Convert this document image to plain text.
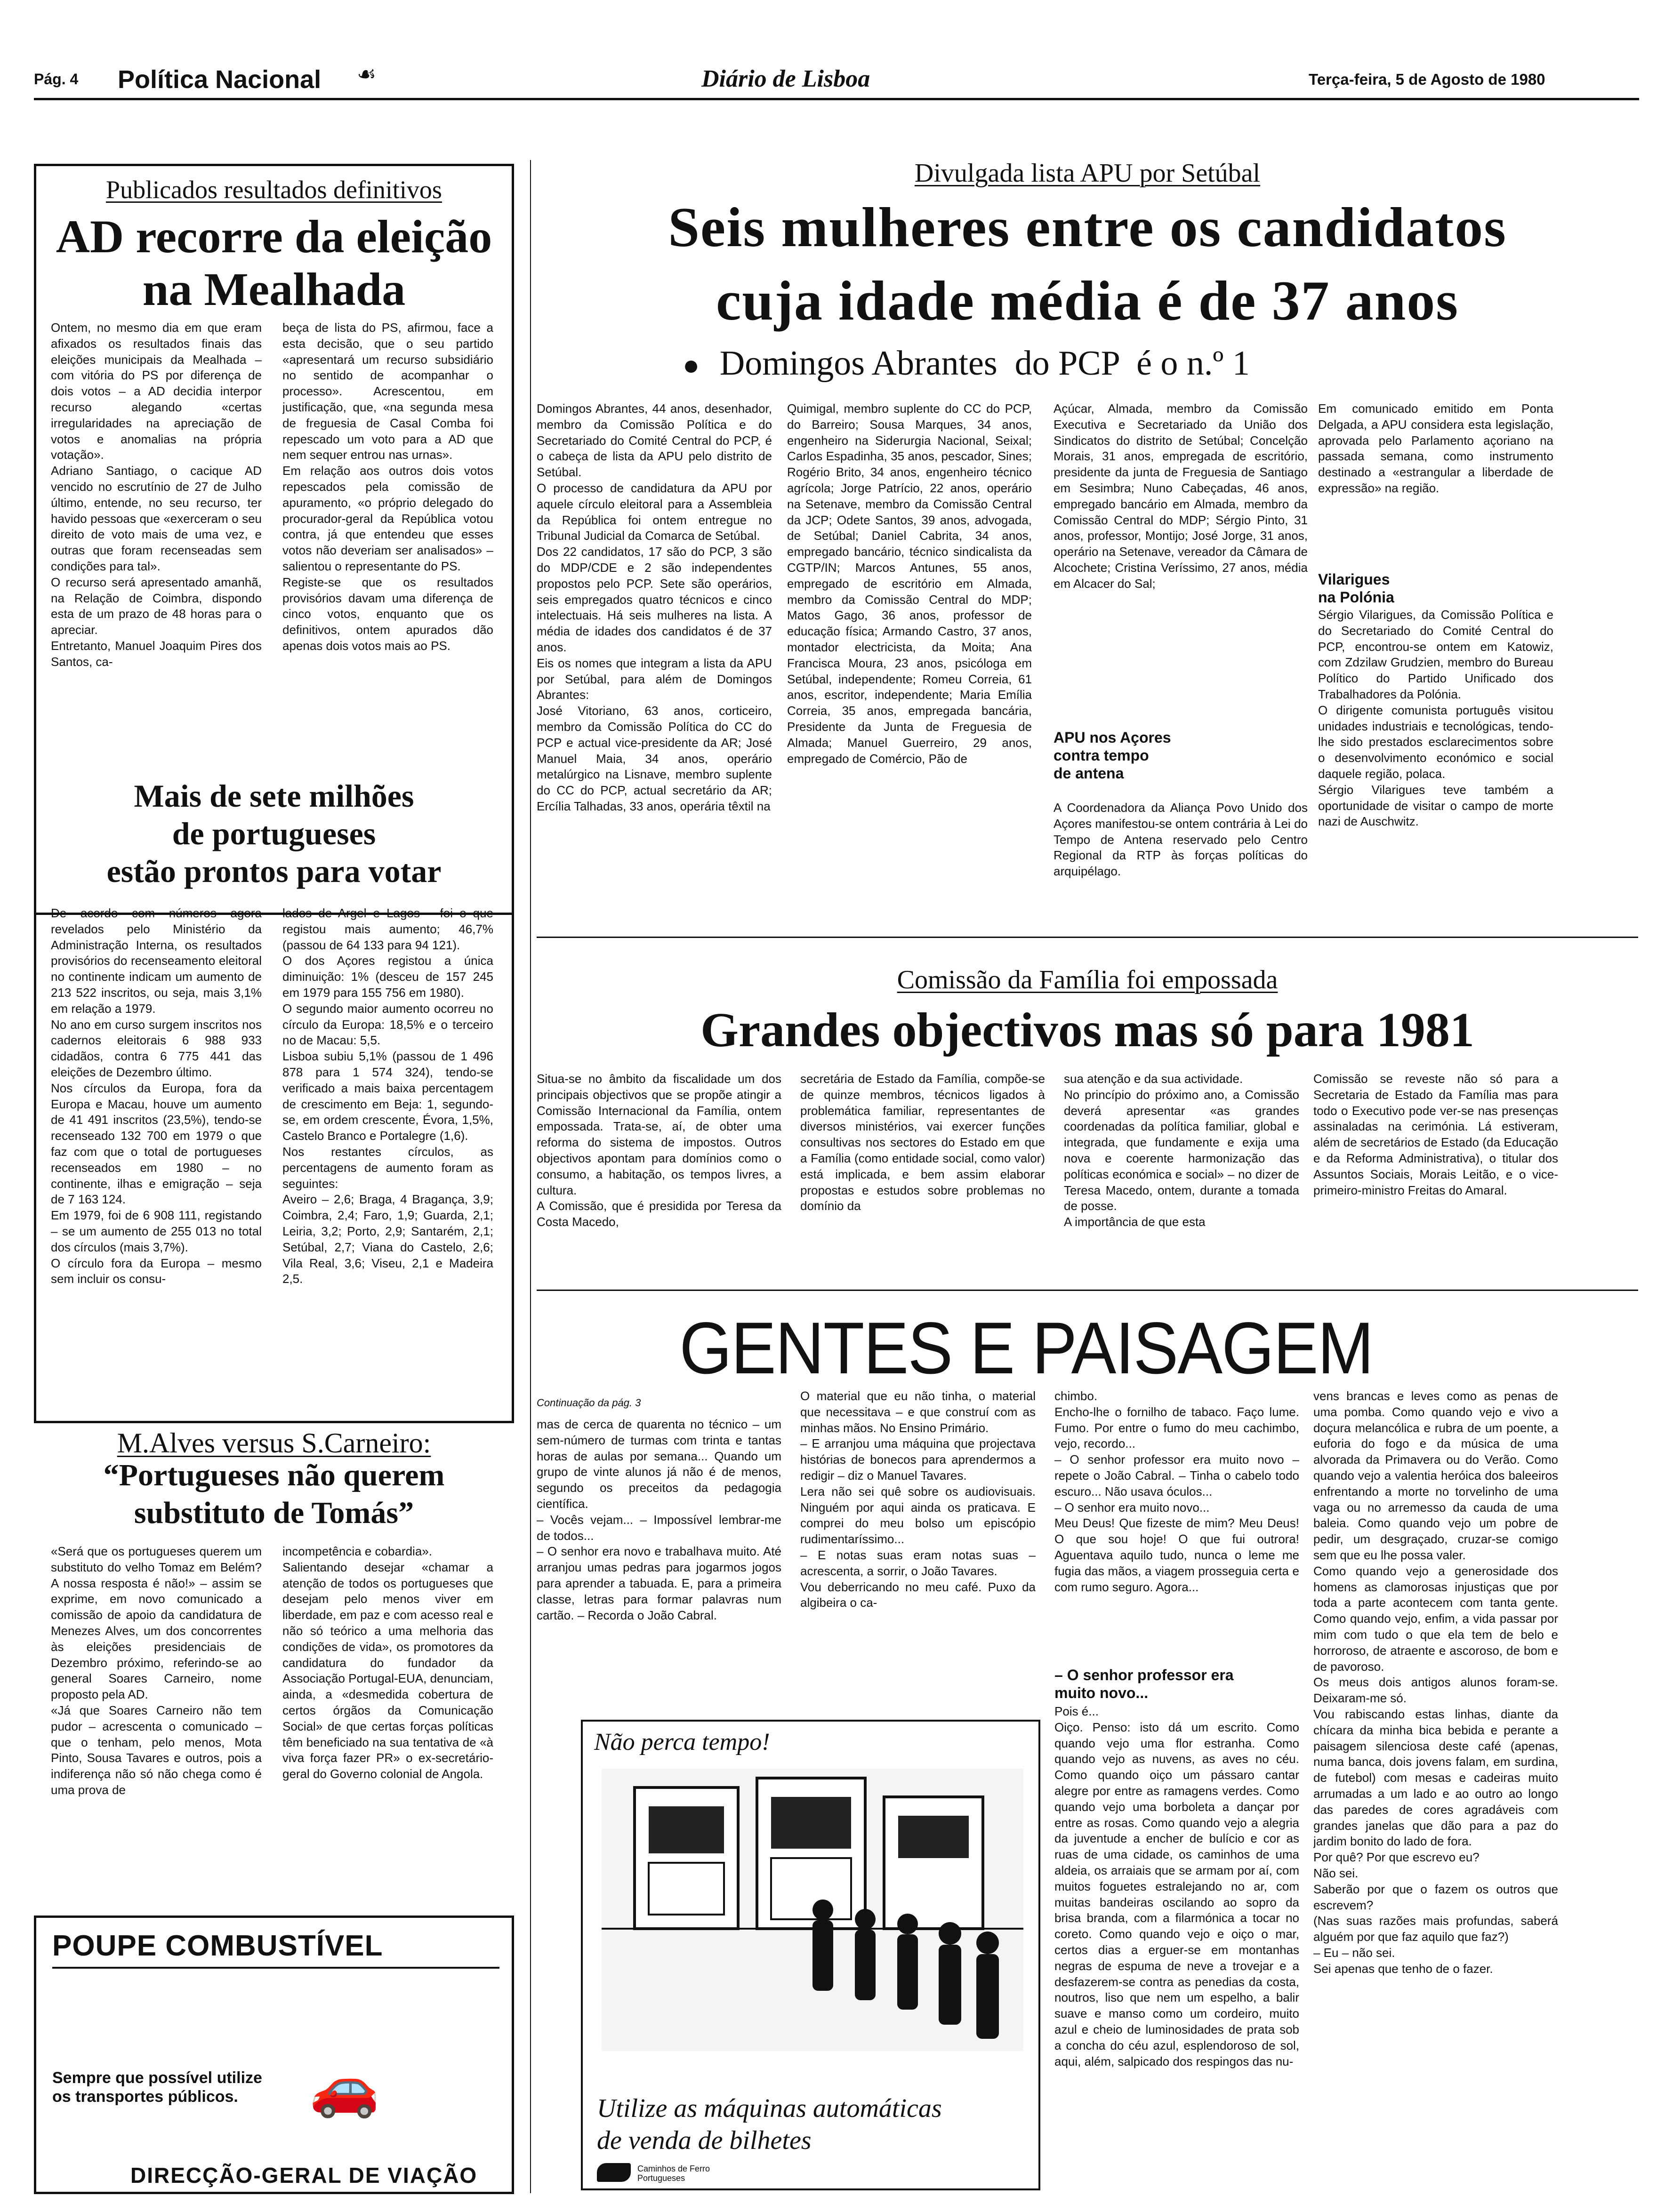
Pág. 4 Política Nacional ☙	Diário de Lisboa	Terça-feira, 5 de Agosto de 1980
Publicados resultados definitivos
AD recorre da eleição
na Mealhada
Ontem, no mesmo dia em que eram afixados os resultados finais das eleições municipais da Mealhada – com vitória do PS por diferença de dois votos – a AD decidia interpor recurso alegando «certas irregularidades na apreciação de votos e anomalias na própria votação».
Adriano Santiago, o cacique AD vencido no escrutínio de 27 de Julho último, entende, no seu recurso, ter havido pessoas que «exerceram o seu direito de voto mais de uma vez, e outras que foram recenseadas sem condições para tal».
O recurso será apresentado amanhã, na Relação de Coimbra, dispondo esta de um prazo de 48 horas para o apreciar.
Entretanto, Manuel Joaquim Pires dos Santos, ca-
beça de lista do PS, afirmou, face a esta decisão, que o seu partido «apresentará um recurso subsidiário no sentido de acompanhar o processo». Acrescentou, em justificação, que, «na segunda mesa de freguesia de Casal Comba foi repescado um voto para a AD que nem sequer entrou nas urnas».
Em relação aos outros dois votos repescados pela comissão de apuramento, «o próprio delegado do procurador-geral da República votou contra, já que entendeu que esses votos não deveriam ser analisados» – salientou o representante do PS.
Registe-se que os resultados provisórios davam uma diferença de cinco votos, enquanto que os definitivos, ontem apurados dão apenas dois votos mais ao PS.
Mais de sete milhões
de portugueses
estão prontos para votar
De acordo com números agora revelados pelo Ministério da Administração Interna, os resultados provisórios do recenseamento eleitoral no continente indicam um aumento de 213 522 inscritos, ou seja, mais 3,1% em relação a 1979.
No ano em curso surgem inscritos nos cadernos eleitorais 6 988 933 cidadãos, contra 6 775 441 das eleições de Dezembro último.
Nos círculos da Europa, fora da Europa e Macau, houve um aumento de 41 491 inscritos (23,5%), tendo-se recenseado 132 700 em 1979 o que faz com que o total de portugueses recenseados em 1980 – no continente, ilhas e emigração – seja de 7 163 124.
Em 1979, foi de 6 908 111, registando – se um aumento de 255 013 no total dos círculos (mais 3,7%).
O círculo fora da Europa – mesmo sem incluir os consu-
lados de Argel e Lagos – foi o que registou mais aumento; 46,7% (passou de 64 133 para 94 121).
O dos Açores registou a única diminuição: 1% (desceu de 157 245 em 1979 para 155 756 em 1980).
O segundo maior aumento ocorreu no círculo da Europa: 18,5% e o terceiro no de Macau: 5,5.
Lisboa subiu 5,1% (passou de 1 496 878 para 1 574 324), tendo-se verificado a mais baixa percentagem de crescimento em Beja: 1, segundo-se, em ordem crescente, Évora, 1,5%, Castelo Branco e Portalegre (1,6).
Nos restantes círculos, as percentagens de aumento foram as seguintes:
Aveiro – 2,6; Braga, 4 Bragança, 3,9; Coimbra, 2,4; Faro, 1,9; Guarda, 2,1; Leiria, 3,2; Porto, 2,9; Santarém, 2,1; Setúbal, 2,7; Viana do Castelo, 2,6; Vila Real, 3,6; Viseu, 2,1 e Madeira 2,5.
M.Alves versus S.Carneiro:
“Portugueses não querem
substituto de Tomás”
«Será que os portugueses querem um substituto do velho Tomaz em Belém? A nossa resposta é não!» – assim se exprime, em novo comunicado a comissão de apoio da candidatura de Menezes Alves, um dos concorrentes às eleições presidenciais de Dezembro próximo, referindo-se ao general Soares Carneiro, nome proposto pela AD.
«Já que Soares Carneiro não tem pudor – acrescenta o comunicado – que o tenham, pelo menos, Mota Pinto, Sousa Tavares e outros, pois a indiferença não só não chega como é uma prova de
incompetência e cobardia».
Salientando desejar «chamar a atenção de todos os portugueses que desejam pelo menos viver em liberdade, em paz e com acesso real e não só teórico a uma melhoria das condições de vida», os promotores da candidatura do fundador da Associação Portugal-EUA, denunciam, ainda, a «desmedida cobertura de certos órgãos da Comunicação Social» de que certas forças políticas têm beneficiado na sua tentativa de «à viva força fazer PR» o ex-secretário-geral do Governo colonial de Angola.
POUPE COMBUSTÍVEL
Sempre que possível utilize os transportes públicos.	🚗
DIRECÇÃO-GERAL DE VIAÇÃO
Divulgada lista APU por Setúbal
Seis mulheres entre os candidatos
cuja idade média é de 37 anos
● Domingos Abrantes  do PCP  é o n.º 1
Domingos Abrantes, 44 anos, desenhador, membro da Comissão Política e do Secretariado do Comité Central do PCP, é o cabeça de lista da APU pelo distrito de Setúbal.
O processo de candidatura da APU por aquele círculo eleitoral para a Assembleia da República foi ontem entregue no Tribunal Judicial da Comarca de Setúbal.
Dos 22 candidatos, 17 são do PCP, 3 são do MDP/CDE e 2 são independentes propostos pelo PCP. Sete são operários, seis empregados quatro técnicos e cinco intelectuais. Há seis mulheres na lista. A média de idades dos candidatos é de 37 anos.
Eis os nomes que integram a lista da APU por Setúbal, para além de Domingos Abrantes:
José Vitoriano, 63 anos, corticeiro, membro da Comissão Política do CC do PCP e actual vice-presidente da AR; José Manuel Maia, 34 anos, operário metalúrgico na Lisnave, membro suplente do CC do PCP, actual secretário da AR; Ercília Talhadas, 33 anos, operária têxtil na
Quimigal, membro suplente do CC do PCP, do Barreiro; Sousa Marques, 34 anos, engenheiro na Siderurgia Nacional, Seixal; Carlos Espadinha, 35 anos, pescador, Sines; Rogério Brito, 34 anos, engenheiro técnico agrícola; Jorge Patrício, 22 anos, operário na Setenave, membro da Comissão Central da JCP; Odete Santos, 39 anos, advogada, de Setúbal; Daniel Cabrita, 34 anos, empregado bancário, técnico sindicalista da CGTP/IN; Marcos Antunes, 55 anos, empregado de escritório em Almada, membro da Comissão Central do MDP; Matos Gago, 36 anos, professor de educação física; Armando Castro, 37 anos, montador electricista, da Moita; Ana Francisca Moura, 23 anos, psicóloga em Setúbal, independente; Romeu Correia, 61 anos, escritor, independente; Maria Emília Correia, 35 anos, empregada bancária, Presidente da Junta de Freguesia de Almada; Manuel Guerreiro, 29 anos, empregado de Comércio, Pão de
Açúcar, Almada, membro da Comissão Executiva e Secretariado da União dos Sindicatos do distrito de Setúbal; Concelção Morais, 31 anos, empregada de escritório, presidente da junta de Freguesia de Santiago em Sesimbra; Nuno Cabeçadas, 46 anos, empregado bancário em Almada, membro da Comissão Central do MDP; Sérgio Pinto, 31 anos, professor, Montijo; José Jorge, 31 anos, operário na Setenave, vereador da Câmara de Alcochete; Cristina Veríssimo, 27 anos, média em Alcacer do Sal;
APU nos Açores
contra tempo
de antena
A Coordenadora da Aliança Povo Unido dos Açores manifestou-se ontem contrária à Lei do Tempo de Antena reservado pelo Centro Regional da RTP às forças políticas do arquipélago.
Em comunicado emitido em Ponta Delgada, a APU considera esta legislação, aprovada pelo Parlamento açoriano na passada semana, como instrumento destinado a «estrangular a liberdade de expressão» na região.
Vilarigues
na Polónia
Sérgio Vilarigues, da Comissão Política e do Secretariado do Comité Central do PCP, encontrou-se ontem em Katowiz, com Zdzilaw Grudzien, membro do Bureau Político do Partido Unificado dos Trabalhadores da Polónia.
O dirigente comunista português visitou unidades industriais e tecnológicas, tendo-lhe sido prestados esclarecimentos sobre o desenvolvimento económico e social daquele região, polaca.
Sérgio Vilarigues teve também a oportunidade de visitar o campo de morte nazi de Auschwitz.
Comissão da Família foi empossada
Grandes objectivos mas só para 1981
Situa-se no âmbito da fiscalidade um dos principais objectivos que se propõe atingir a Comissão Internacional da Família, ontem empossada. Trata-se, aí, de obter uma reforma do sistema de impostos. Outros objectivos apontam para domínios como o consumo, a habitação, os tempos livres, a cultura.
A Comissão, que é presidida por Teresa da Costa Macedo,
secretária de Estado da Família, compõe-se de quinze membros, técnicos ligados à problemática familiar, representantes de diversos ministérios, vai exercer funções consultivas nos sectores do Estado em que a Família (como entidade social, como valor) está implicada, e bem assim elaborar propostas e estudos sobre problemas no domínio da
sua atenção e da sua actividade.
No princípio do próximo ano, a Comissão deverá apresentar «as grandes coordenadas da política familiar, global e integrada, que fundamente e exija uma nova e coerente harmonização das políticas económica e social» – no dizer de Teresa Macedo, ontem, durante a tomada de posse.
A importância de que esta
Comissão se reveste não só para a Secretaria de Estado da Família mas para todo o Executivo pode ver-se nas presenças assinaladas na cerimónia. Lá estiveram, além de secretários de Estado (da Educação e da Reforma Administrativa), o titular dos Assuntos Sociais, Morais Leitão, e o vice-primeiro-ministro Freitas do Amaral.
GENTES E PAISAGEM
Continuação da pág. 3
mas de cerca de quarenta no técnico – um sem-número de turmas com trinta e tantas horas de aulas por semana... Quando um grupo de vinte alunos já não é de menos, segundo os preceitos da pedagogia científica.
– Vocês vejam... – Impossível lembrar-me de todos...
– O senhor era novo e trabalhava muito. Até arranjou umas pedras para jogarmos jogos para aprender a tabuada. E, para a primeira classe, letras para formar palavras num cartão. – Recorda o João Cabral.
O material que eu não tinha, o material que necessitava – e que construí com as minhas mãos. No Ensino Primário.
– E arranjou uma máquina que projectava histórias de bonecos para aprendermos a redigir – diz o Manuel Tavares.
Lera não sei quê sobre os audiovisuais. Ninguém por aqui ainda os praticava. E comprei do meu bolso um episcópio rudimentaríssimo...
– E notas suas eram notas suas – acrescenta, a sorrir, o João Tavares.
Vou deberricando no meu café. Puxo da algibeira o ca-
chimbo.
Encho-lhe o fornilho de tabaco. Faço lume. Fumo. Por entre o fumo do meu cachimbo, vejo, recordo...
– O senhor professor era muito novo – repete o João Cabral. – Tinha o cabelo todo escuro... Não usava óculos...
– O senhor era muito novo...
Meu Deus! Que fizeste de mim? Meu Deus! O que sou hoje! O que fui outrora! Aguentava aquilo tudo, nunca o leme me fugia das mãos, a viagem prosseguia certa e com rumo seguro. Agora...
– O senhor professor era
muito novo...
Pois é...
Oiço. Penso: isto dá um escrito. Como quando vejo uma flor estranha. Como quando vejo as nuvens, as aves no céu. Como quando oiço um pássaro cantar alegre por entre as ramagens verdes. Como quando vejo uma borboleta a dançar por entre as rosas. Como quando vejo a alegria da juventude a encher de bulício e cor as ruas de uma cidade, os caminhos de uma aldeia, os arraiais que se armam por aí, com muitos foguetes estralejando no ar, com muitas bandeiras oscilando ao sopro da brisa branda, com a filarmónica a tocar no coreto. Como quando vejo e oiço o mar, certos dias a erguer-se em montanhas negras de espuma de neve a trovejar e a desfazerem-se contra as penedias da costa, noutros, liso que nem um espelho, a balir suave e manso como um cordeiro, muito azul e cheio de luminosidades de prata sob a concha do céu azul, esplendoroso de sol, aqui, além, salpicado dos respingos das nu-
vens brancas e leves como as penas de uma pomba. Como quando vejo e vivo a doçura melancólica e rubra de um poente, a euforia do fogo e da música de uma alvorada da Primavera ou do Verão. Como quando vejo a valentia heróica dos baleeiros enfrentando a morte no torvelinho de uma vaga ou no arremesso da cauda de uma baleia. Como quando vejo um pobre de pedir, um desgraçado, cruzar-se comigo sem que eu lhe possa valer.
Como quando vejo a generosidade dos homens as clamorosas injustiças que por toda a parte acontecem com tanta gente. Como quando vejo, enfim, a vida passar por mim com tudo o que ela tem de belo e horroroso, de atraente e ascoroso, de bom e de pavoroso.
Os meus dois antigos alunos foram-se. Deixaram-me só.
Vou rabiscando estas linhas, diante da chícara da minha bica bebida e perante a paisagem silenciosa deste café (apenas, numa banca, dois jovens falam, em surdina, de futebol) com mesas e cadeiras muito arrumadas a um lado e ao outro ao longo das paredes de cores agradáveis com grandes janelas que dão para a paz do jardim bonito do lado de fora.
Por quê? Por que escrevo eu?
Não sei.
Saberão por que o fazem os outros que escrevem?
(Nas suas razões mais profundas, saberá alguém por que faz aquilo que faz?)
– Eu – não sei.
Sei apenas que tenho de o fazer.
Não perca tempo!
Utilize as máquinas automáticas
de venda de bilhetes
Caminhos de Ferro Portugueses
